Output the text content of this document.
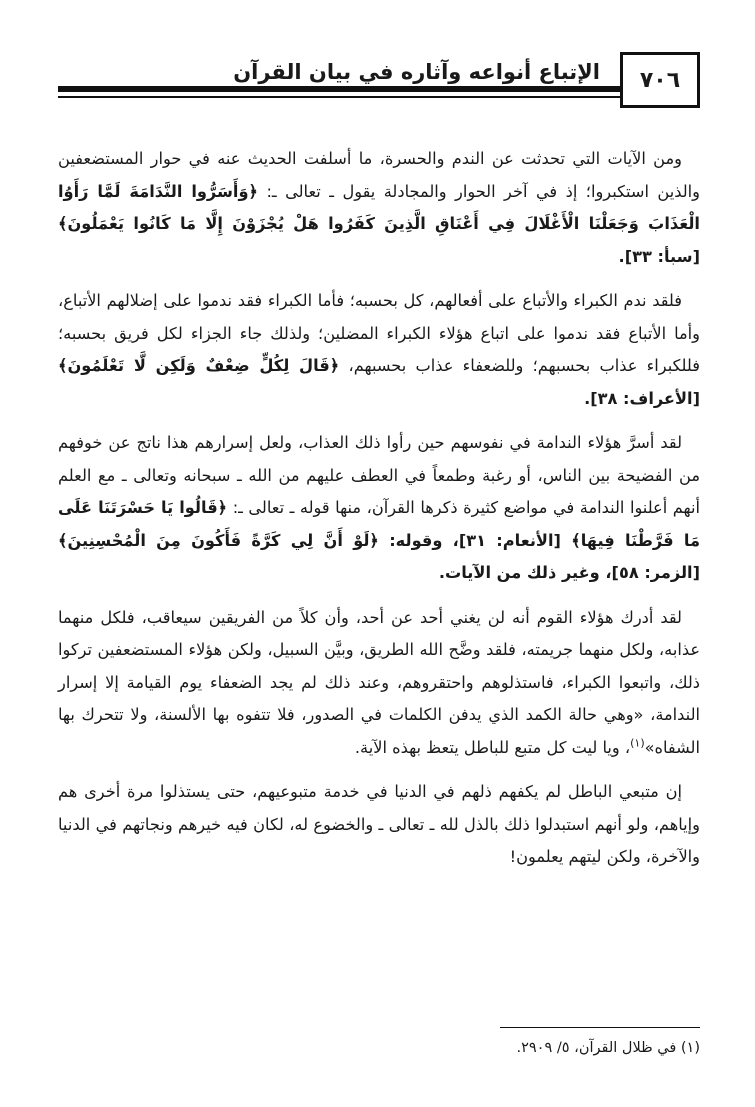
٧٠٦
الإتباع أنواعه وآثاره في بيان القرآن

ومن الآيات التي تحدثت عن الندم والحسرة، ما أسلفت الحديث عنه في حوار المستضعفين والذين استكبروا؛ إذ في آخر الحوار والمجادلة يقول ـ تعالى ـ: ﴿وَأَسَرُّوا النَّدَامَةَ لَمَّا رَأَوُا الْعَذَابَ وَجَعَلْنَا الْأَغْلَالَ فِي أَعْنَاقِ الَّذِينَ كَفَرُوا هَلْ يُجْزَوْنَ إِلَّا مَا كَانُوا يَعْمَلُونَ﴾ [سبأ: ٣٣].

فلقد ندم الكبراء والأتباع على أفعالهم، كل بحسبه؛ فأما الكبراء فقد ندموا على إضلالهم الأتباع، وأما الأتباع فقد ندموا على اتباع هؤلاء الكبراء المضلين؛ ولذلك جاء الجزاء لكل فريق بحسبه؛ فللكبراء عذاب بحسبهم؛ وللضعفاء عذاب بحسبهم، ﴿قَالَ لِكُلٍّ ضِعْفٌ وَلَكِن لَّا تَعْلَمُونَ﴾ [الأعراف: ٣٨].

لقد أسرَّ هؤلاء الندامة في نفوسهم حين رأوا ذلك العذاب، ولعل إسرارهم هذا ناتج عن خوفهم من الفضيحة بين الناس، أو رغبة وطمعاً في العطف عليهم من الله ـ سبحانه وتعالى ـ مع العلم أنهم أعلنوا الندامة في مواضع كثيرة ذكرها القرآن، منها قوله ـ تعالى ـ: ﴿قَالُوا يَا حَسْرَتَنَا عَلَى مَا فَرَّطْنَا فِيهَا﴾ [الأنعام: ٣١]، وقوله: ﴿لَوْ أَنَّ لِي كَرَّةً فَأَكُونَ مِنَ الْمُحْسِنِينَ﴾ [الزمر: ٥٨]، وغير ذلك من الآيات.

لقد أدرك هؤلاء القوم أنه لن يغني أحد عن أحد، وأن كلاً من الفريقين سيعاقب، فلكل منهما عذابه، ولكل منهما جريمته، فلقد وضَّح الله الطريق، وبيَّن السبيل، ولكن هؤلاء المستضعفين تركوا ذلك، واتبعوا الكبراء، فاستذلوهم واحتقروهم، وعند ذلك لم يجد الضعفاء يوم القيامة إلا إسرار الندامة، «وهي حالة الكمد الذي يدفن الكلمات في الصدور، فلا تتفوه بها الألسنة، ولا تتحرك بها الشفاه»$^{(١)}$، ويا ليت كل متبع للباطل يتعظ بهذه الآية.

إن متبعي الباطل لم يكفهم ذلهم في الدنيا في خدمة متبوعيهم، حتى يستذلوا مرة أخرى هم وإياهم، ولو أنهم استبدلوا ذلك بالذل لله ـ تعالى ـ والخضوع له، لكان فيه خيرهم ونجاتهم في الدنيا والآخرة، ولكن ليتهم يعلمون!

(١) في ظلال القرآن، ٥/ ٢٩٠٩.
